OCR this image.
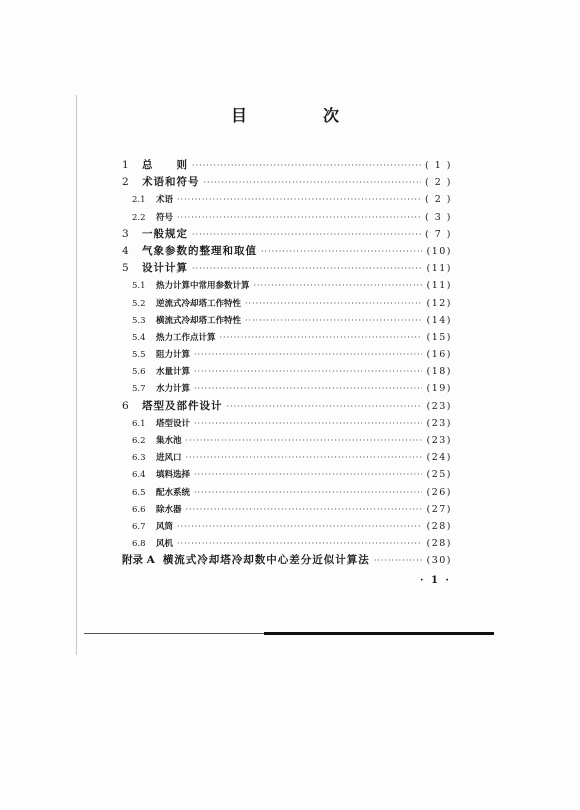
目　次
1	总　　则 ·····	( 1 )
2	术语和符号 ·····	( 2 )
2.1	术语 ·····	( 2 )
2.2	符号 ·····	( 3 )
3	一般规定 ·····	( 7 )
4	气象参数的整理和取值 ·····	(10)
5	设计计算 ·····	(11)
5.1	热力计算中常用参数计算 ·····	(11)
5.2	逆流式冷却塔工作特性 ·····	(12)
5.3	横流式冷却塔工作特性 ·····	(14)
5.4	热力工作点计算 ·····	(15)
5.5	阻力计算 ·····	(16)
5.6	水量计算 ·····	(18)
5.7	水力计算 ·····	(19)
6	塔型及部件设计 ·····	(23)
6.1	塔型设计 ·····	(23)
6.2	集水池 ·····	(23)
6.3	进风口 ·····	(24)
6.4	填料选择 ·····	(25)
6.5	配水系统 ·····	(26)
6.6	除水器 ·····	(27)
6.7	风筒 ·····	(28)
6.8	风机 ·····	(28)
附录 A 横流式冷却塔冷却数中心差分近似计算法 ·····	(30)
· 1 ·
